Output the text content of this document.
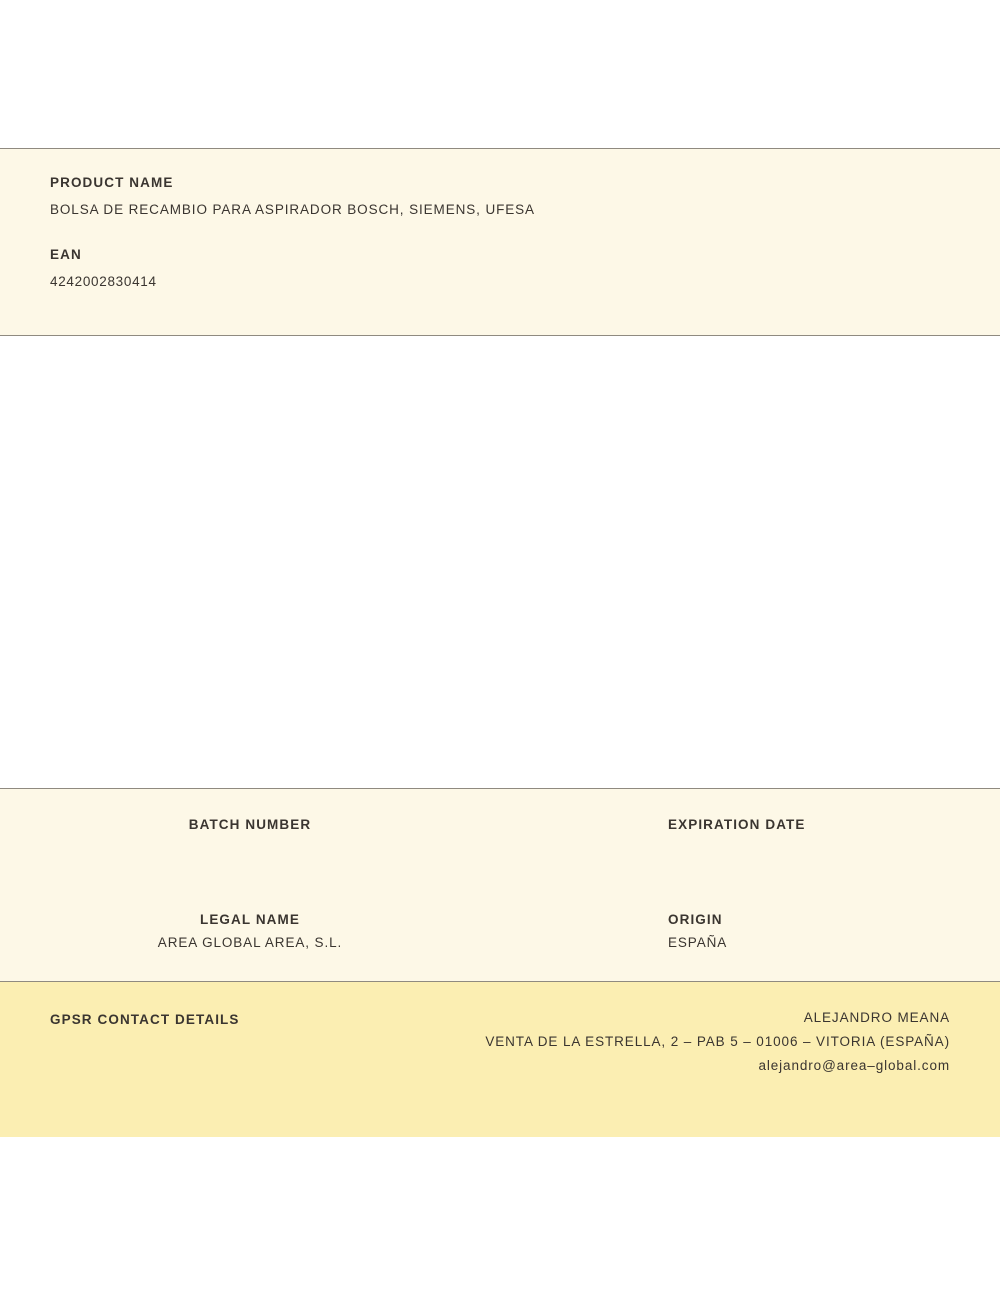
PRODUCT NAME

BOLSA DE RECAMBIO PARA ASPIRADOR BOSCH, SIEMENS, UFESA

EAN

4242002830414

BATCH NUMBER	EXPIRATION DATE

LEGAL NAME

AREA GLOBAL AREA, S.L.

ORIGIN

ESPAÑA

GPSR CONTACT DETAILS	ALEJANDRO MEANA

VENTA DE LA ESTRELLA, 2 – PAB 5 – 01006 – VITORIA (ESPAÑA)

alejandro@area–global.com
